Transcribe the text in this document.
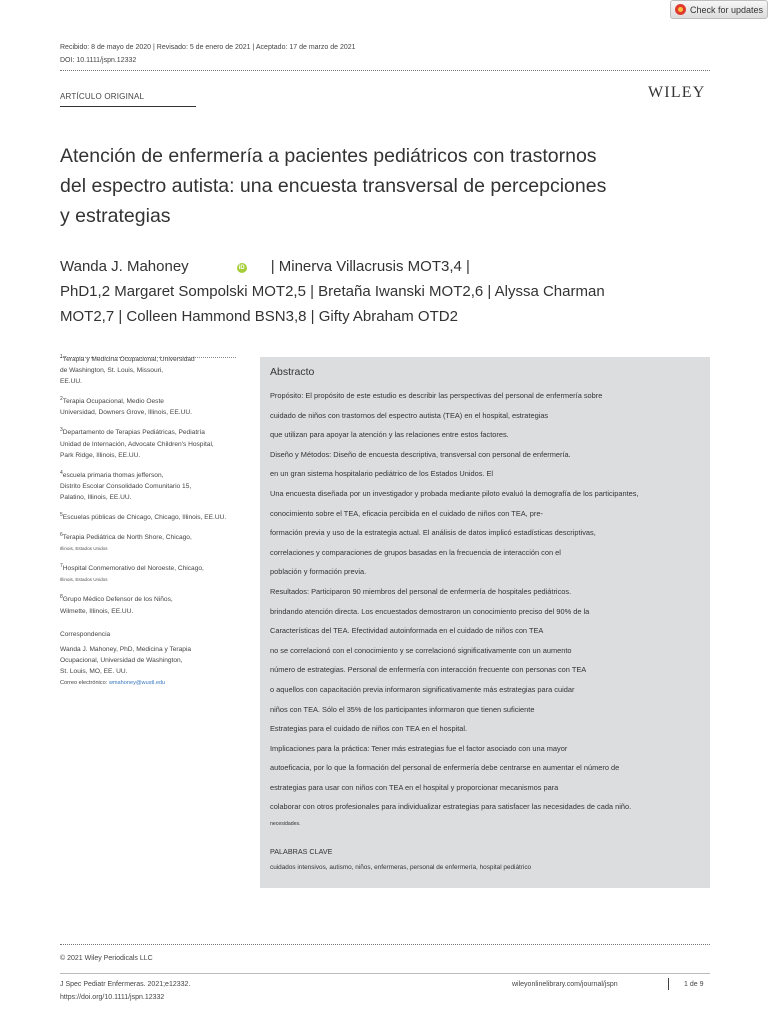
Check for updates
Recibido: 8 de mayo de 2020 | Revisado: 5 de enero de 2021 | Aceptado: 17 de marzo de 2021
DOI: 10.1111/jspn.12332
ARTÍCULO ORIGINAL	WILEY
Atención de enfermería a pacientes pediátricos con trastornos
del espectro autista: una encuesta transversal de percepciones
y estrategias
Wanda J. Mahoney	iD | Minerva Villacrusis MOT3,4 |
PhD1,2 Margaret Sompolski MOT2,5 | Bretaña Iwanski MOT2,6 | Alyssa Charman
MOT2,7 | Colleen Hammond BSN3,8 | Gifty Abraham OTD2
$^1$Terapia y Medicina Ocupacional, Universidad
de Washington, St. Louis, Missouri,
EE.UU.
$^2$Terapia Ocupacional, Medio Oeste
Universidad, Downers Grove, Illinois, EE.UU.
$^3$Departamento de Terapias Pediátricas, Pediatría
Unidad de Internación, Advocate Children's Hospital,
Park Ridge, Illinois, EE.UU.
$^4$escuela primaria thomas jefferson,
Distrito Escolar Consolidado Comunitario 15,
Palatino, Illinois, EE.UU.
$^5$Escuelas públicas de Chicago, Chicago, Illinois, EE.UU.
$^6$Terapia Pediátrica de North Shore, Chicago,
Illinois, Estados Unidos
$^7$Hospital Conmemorativo del Noroeste, Chicago,
Illinois, Estados Unidos
$^8$Grupo Médico Defensor de los Niños,
Wilmette, Illinois, EE.UU.
Correspondencia
Wanda J. Mahoney, PhD, Medicina y Terapia
Ocupacional, Universidad de Washington,
St. Louis, MO, EE. UU.
Correo electrónico: wmahoney@wustl.edu
Abstracto
Propósito: El propósito de este estudio es describir las perspectivas del personal de enfermería sobre
cuidado de niños con trastornos del espectro autista (TEA) en el hospital, estrategias
que utilizan para apoyar la atención y las relaciones entre estos factores.
Diseño y Métodos: Diseño de encuesta descriptiva, transversal con personal de enfermería.
en un gran sistema hospitalario pediátrico de los Estados Unidos. El
Una encuesta diseñada por un investigador y probada mediante piloto evaluó la demografía de los participantes,
conocimiento sobre el TEA, eficacia percibida en el cuidado de niños con TEA, pre-
formación previa y uso de la estrategia actual. El análisis de datos implicó estadísticas descriptivas,
correlaciones y comparaciones de grupos basadas en la frecuencia de interacción con el
población y formación previa.
Resultados: Participaron 90 miembros del personal de enfermería de hospitales pediátricos.
brindando atención directa. Los encuestados demostraron un conocimiento preciso del 90% de la
Características del TEA. Efectividad autoinformada en el cuidado de niños con TEA
no se correlacionó con el conocimiento y se correlacionó significativamente con un aumento
número de estrategias. Personal de enfermería con interacción frecuente con personas con TEA
o aquellos con capacitación previa informaron significativamente más estrategias para cuidar
niños con TEA. Sólo el 35% de los participantes informaron que tienen suficiente
Estrategias para el cuidado de niños con TEA en el hospital.
Implicaciones para la práctica: Tener más estrategias fue el factor asociado con una mayor
autoeficacia, por lo que la formación del personal de enfermería debe centrarse en aumentar el número de
estrategias para usar con niños con TEA en el hospital y proporcionar mecanismos para
colaborar con otros profesionales para individualizar estrategias para satisfacer las necesidades de cada niño.
necesidades.
PALABRAS CLAVE
cuidados intensivos, autismo, niños, enfermeras, personal de enfermería, hospital pediátrico
© 2021 Wiley Periodicals LLC
J Spec Pediatr Enfermeras. 2021;e12332.
https://doi.org/10.1111/jspn.12332
wileyonlinelibrary.com/journal/jspn	1 de 9
